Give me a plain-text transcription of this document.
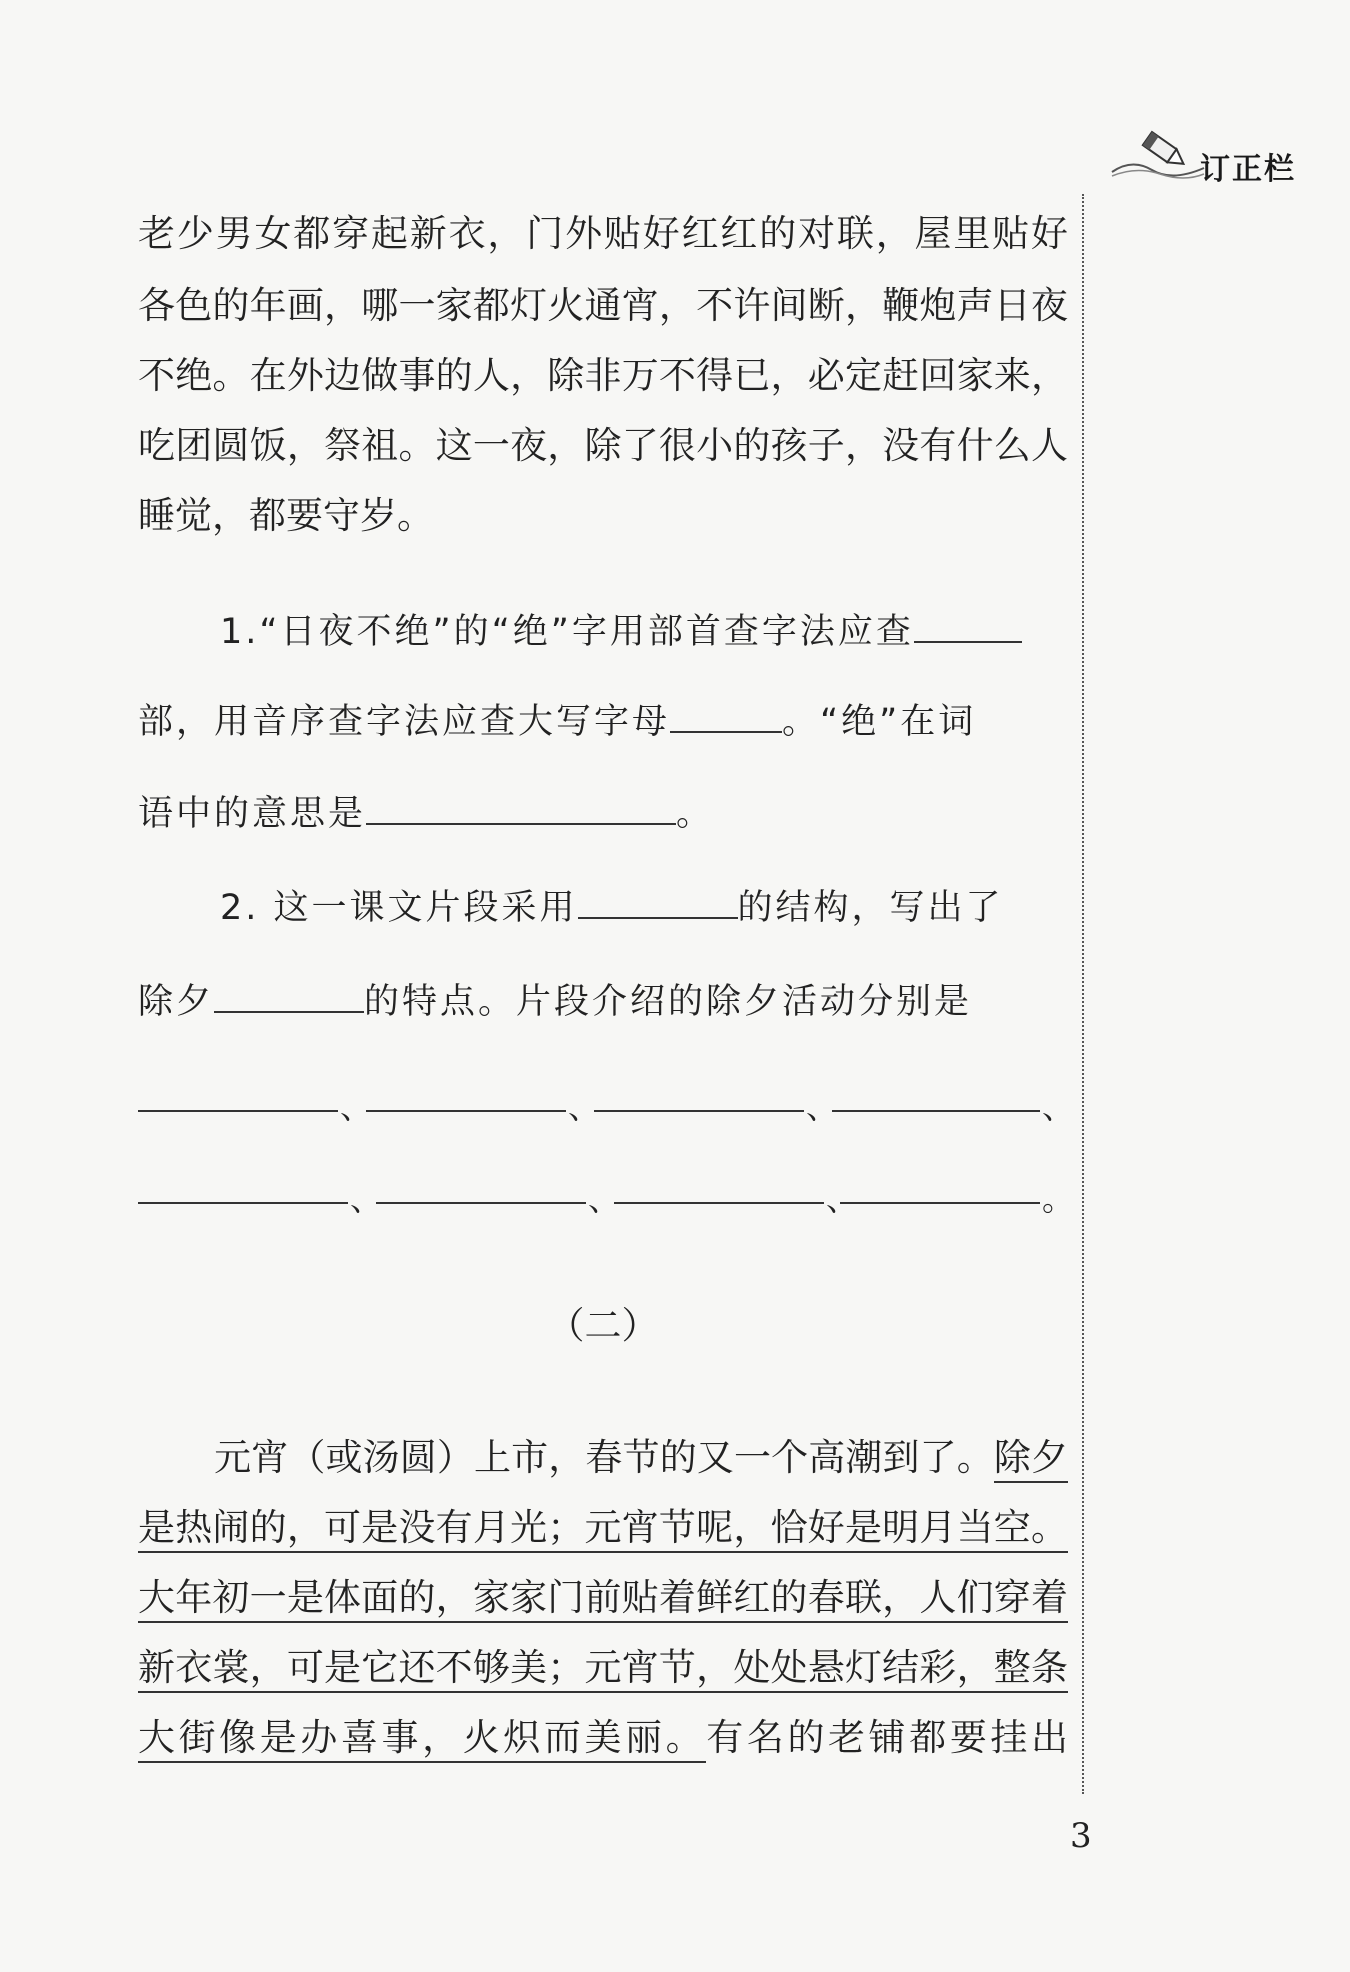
订正栏
老少男女都穿起新衣，门外贴好红红的对联，屋里贴好
各色的年画，哪一家都灯火通宵，不许间断，鞭炮声日夜
不绝。在外边做事的人，除非万不得已，必定赶回家来，
吃团圆饭，祭祖。这一夜，除了很小的孩子，没有什么人
睡觉，都要守岁。
1.“日夜不绝”的“绝”字用部首查字法应查
部，用音序查字法应查大写字母	。“绝”在词
语中的意思是	。
2. 这一课文片段采用	的结构，写出了
除夕	的特点。片段介绍的除夕活动分别是
、	、	、	、
、	、	、	。
（二）
元宵（或汤圆）上市，春节的又一个高潮到了。除夕
是热闹的，可是没有月光；元宵节呢，恰好是明月当空。
大年初一是体面的，家家门前贴着鲜红的春联，人们穿着
新衣裳，可是它还不够美；元宵节，处处悬灯结彩，整条
大街像是办喜事，火炽而美丽。有名的老铺都要挂出
3
